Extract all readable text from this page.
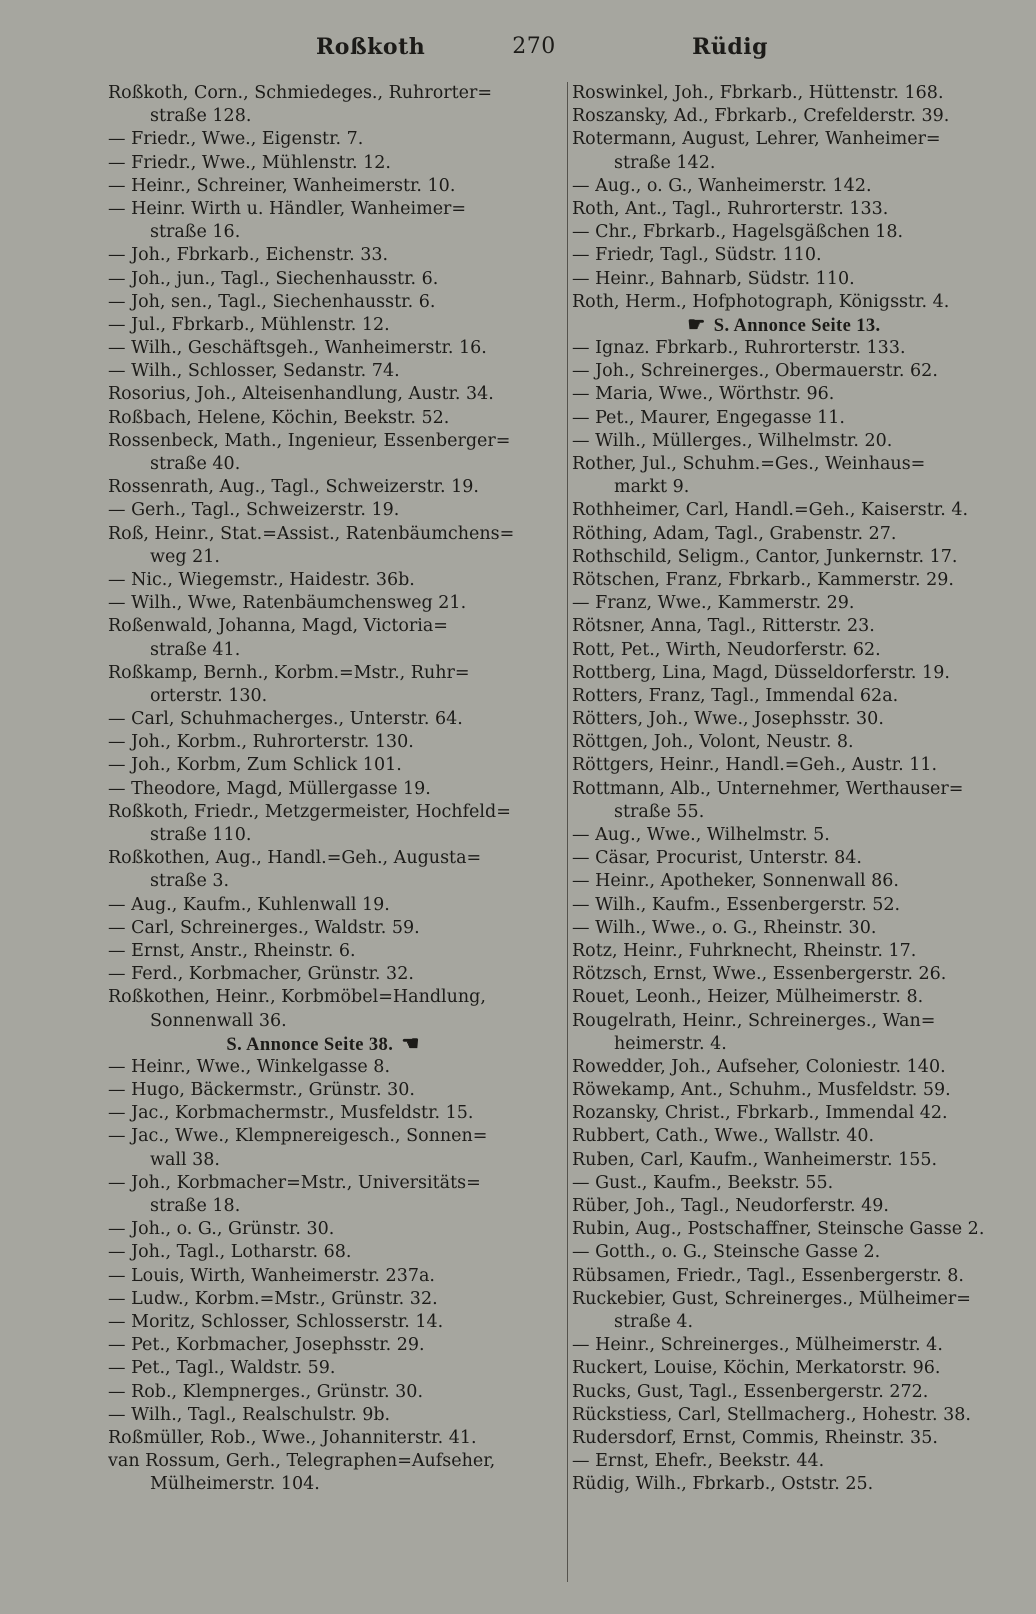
Roßkoth	270	Rüdig
Roßkoth, Corn., Schmiedeges., Ruhrorter=
straße 128.
— Friedr., Wwe., Eigenstr. 7.
— Friedr., Wwe., Mühlenstr. 12.
— Heinr., Schreiner, Wanheimerstr. 10.
— Heinr. Wirth u. Händler, Wanheimer=
straße 16.
— Joh., Fbrkarb., Eichenstr. 33.
— Joh., jun., Tagl., Siechenhausstr. 6.
— Joh, sen., Tagl., Siechenhausstr. 6.
— Jul., Fbrkarb., Mühlenstr. 12.
— Wilh., Geschäftsgeh., Wanheimerstr. 16.
— Wilh., Schlosser, Sedanstr. 74.
Rosorius, Joh., Alteisenhandlung, Austr. 34.
Roßbach, Helene, Köchin, Beekstr. 52.
Rossenbeck, Math., Ingenieur, Essenberger=
straße 40.
Rossenrath, Aug., Tagl., Schweizerstr. 19.
— Gerh., Tagl., Schweizerstr. 19.
Roß, Heinr., Stat.=Assist., Ratenbäumchens=
weg 21.
— Nic., Wiegemstr., Haidestr. 36b.
— Wilh., Wwe, Ratenbäumchensweg 21.
Roßenwald, Johanna, Magd, Victoria=
straße 41.
Roßkamp, Bernh., Korbm.=Mstr., Ruhr=
orterstr. 130.
— Carl, Schuhmacherges., Unterstr. 64.
— Joh., Korbm., Ruhrorterstr. 130.
— Joh., Korbm, Zum Schlick 101.
— Theodore, Magd, Müllergasse 19.
Roßkoth, Friedr., Metzgermeister, Hochfeld=
straße 110.
Roßkothen, Aug., Handl.=Geh., Augusta=
straße 3.
— Aug., Kaufm., Kuhlenwall 19.
— Carl, Schreinerges., Waldstr. 59.
— Ernst, Anstr., Rheinstr. 6.
— Ferd., Korbmacher, Grünstr. 32.
Roßkothen, Heinr., Korbmöbel=Handlung,
Sonnenwall 36.
S. Annonce Seite 38. ☛
— Heinr., Wwe., Winkelgasse 8.
— Hugo, Bäckermstr., Grünstr. 30.
— Jac., Korbmachermstr., Musfeldstr. 15.
— Jac., Wwe., Klempnereigesch., Sonnen=
wall 38.
— Joh., Korbmacher=Mstr., Universitäts=
straße 18.
— Joh., o. G., Grünstr. 30.
— Joh., Tagl., Lotharstr. 68.
— Louis, Wirth, Wanheimerstr. 237a.
— Ludw., Korbm.=Mstr., Grünstr. 32.
— Moritz, Schlosser, Schlosserstr. 14.
— Pet., Korbmacher, Josephsstr. 29.
— Pet., Tagl., Waldstr. 59.
— Rob., Klempnerges., Grünstr. 30.
— Wilh., Tagl., Realschulstr. 9b.
Roßmüller, Rob., Wwe., Johanniterstr. 41.
van Rossum, Gerh., Telegraphen=Aufseher,
Mülheimerstr. 104.
Roswinkel, Joh., Fbrkarb., Hüttenstr. 168.
Roszansky, Ad., Fbrkarb., Crefelderstr. 39.
Rotermann, August, Lehrer, Wanheimer=
straße 142.
— Aug., o. G., Wanheimerstr. 142.
Roth, Ant., Tagl., Ruhrorterstr. 133.
— Chr., Fbrkarb., Hagelsgäßchen 18.
— Friedr, Tagl., Südstr. 110.
— Heinr., Bahnarb, Südstr. 110.
Roth, Herm., Hofphotograph, Königsstr. 4.
☛ S. Annonce Seite 13.
— Ignaz. Fbrkarb., Ruhrorterstr. 133.
— Joh., Schreinerges., Obermauerstr. 62.
— Maria, Wwe., Wörthstr. 96.
— Pet., Maurer, Engegasse 11.
— Wilh., Müllerges., Wilhelmstr. 20.
Rother, Jul., Schuhm.=Ges., Weinhaus=
markt 9.
Rothheimer, Carl, Handl.=Geh., Kaiserstr. 4.
Röthing, Adam, Tagl., Grabenstr. 27.
Rothschild, Seligm., Cantor, Junkernstr. 17.
Rötschen, Franz, Fbrkarb., Kammerstr. 29.
— Franz, Wwe., Kammerstr. 29.
Rötsner, Anna, Tagl., Ritterstr. 23.
Rott, Pet., Wirth, Neudorferstr. 62.
Rottberg, Lina, Magd, Düsseldorferstr. 19.
Rotters, Franz, Tagl., Immendal 62a.
Rötters, Joh., Wwe., Josephsstr. 30.
Röttgen, Joh., Volont, Neustr. 8.
Röttgers, Heinr., Handl.=Geh., Austr. 11.
Rottmann, Alb., Unternehmer, Werthauser=
straße 55.
— Aug., Wwe., Wilhelmstr. 5.
— Cäsar, Procurist, Unterstr. 84.
— Heinr., Apotheker, Sonnenwall 86.
— Wilh., Kaufm., Essenbergerstr. 52.
— Wilh., Wwe., o. G., Rheinstr. 30.
Rotz, Heinr., Fuhrknecht, Rheinstr. 17.
Rötzsch, Ernst, Wwe., Essenbergerstr. 26.
Rouet, Leonh., Heizer, Mülheimerstr. 8.
Rougelrath, Heinr., Schreinerges., Wan=
heimerstr. 4.
Rowedder, Joh., Aufseher, Coloniestr. 140.
Röwekamp, Ant., Schuhm., Musfeldstr. 59.
Rozansky, Christ., Fbrkarb., Immendal 42.
Rubbert, Cath., Wwe., Wallstr. 40.
Ruben, Carl, Kaufm., Wanheimerstr. 155.
— Gust., Kaufm., Beekstr. 55.
Rüber, Joh., Tagl., Neudorferstr. 49.
Rubin, Aug., Postschaffner, Steinsche Gasse 2.
— Gotth., o. G., Steinsche Gasse 2.
Rübsamen, Friedr., Tagl., Essenbergerstr. 8.
Ruckebier, Gust, Schreinerges., Mülheimer=
straße 4.
— Heinr., Schreinerges., Mülheimerstr. 4.
Ruckert, Louise, Köchin, Merkatorstr. 96.
Rucks, Gust, Tagl., Essenbergerstr. 272.
Rückstiess, Carl, Stellmacherg., Hohestr. 38.
Rudersdorf, Ernst, Commis, Rheinstr. 35.
— Ernst, Ehefr., Beekstr. 44.
Rüdig, Wilh., Fbrkarb., Oststr. 25.
